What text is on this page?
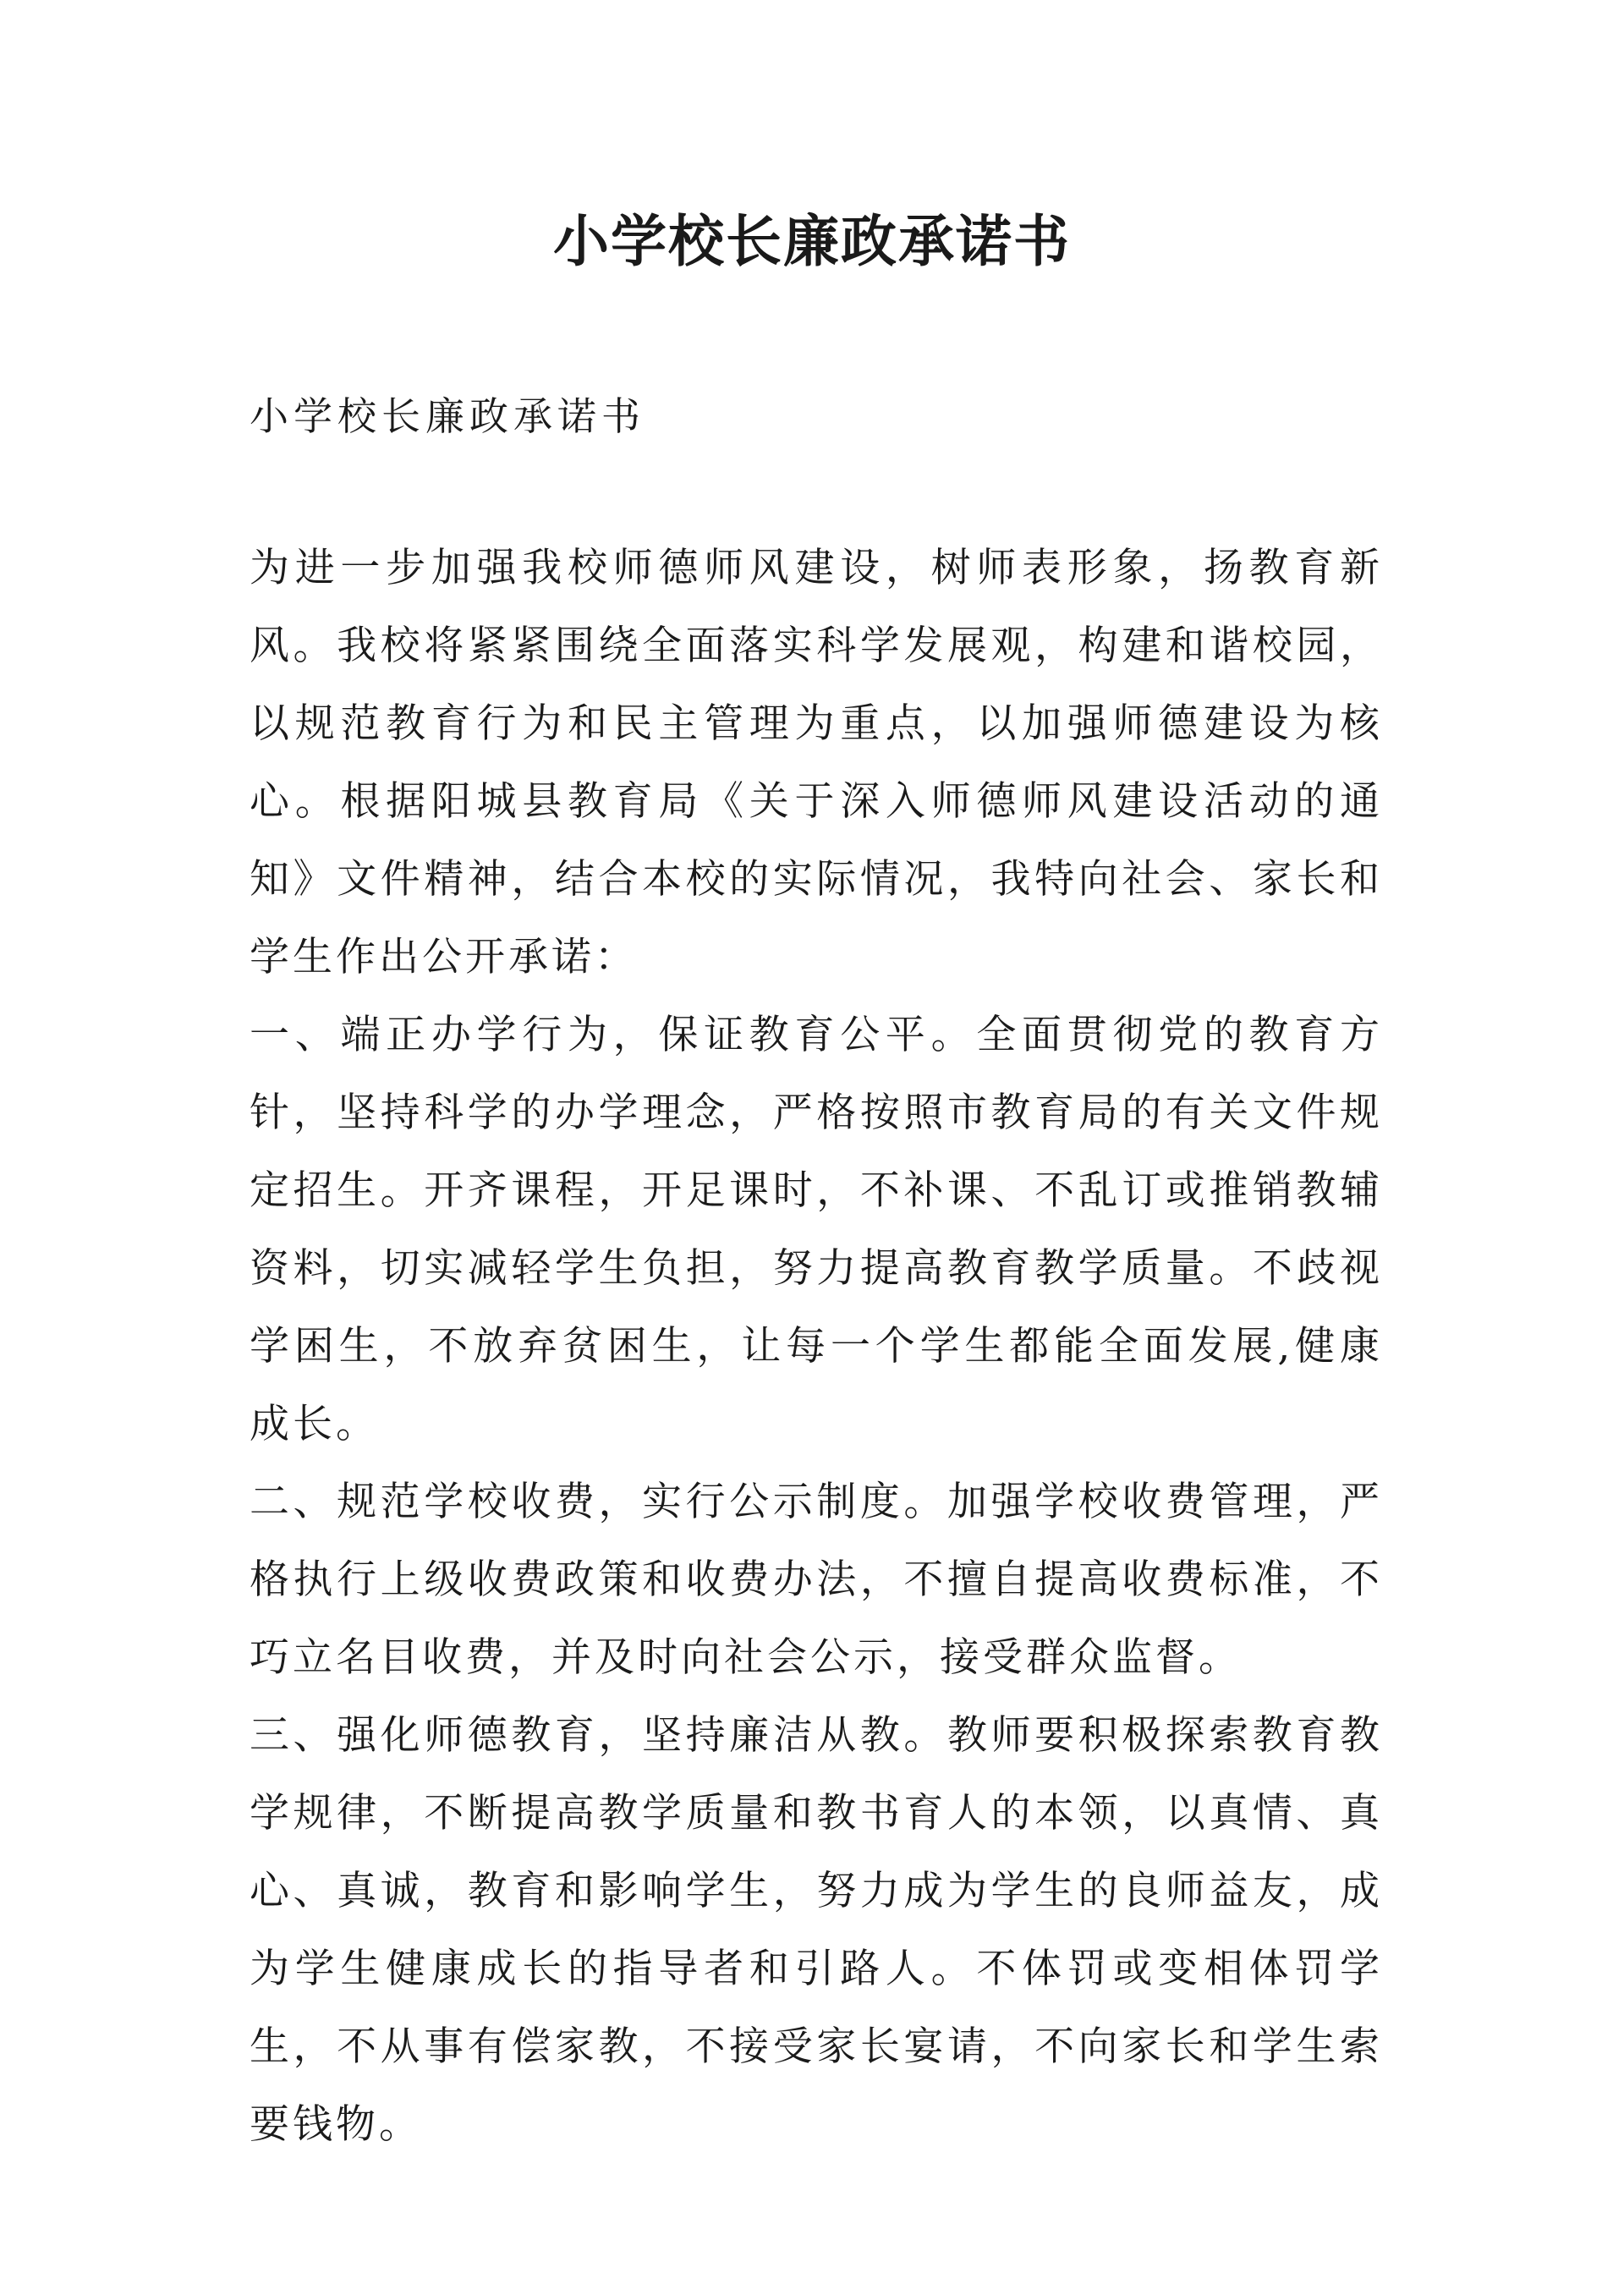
小学校长廉政承诺书
小学校长廉政承诺书

为进一步加强我校师德师风建设，树师表形象，扬教育新风。我校将紧紧围绕全面落实科学发展观，构建和谐校园，以规范教育行为和民主管理为重点，以加强师德建设为核心。根据阳城县教育局《关于深入师德师风建设活动的通知》文件精神，结合本校的实际情况，我特向社会、家长和学生作出公开承诺：

一、端正办学行为，保证教育公平。全面贯彻党的教育方针，坚持科学的办学理念，严格按照市教育局的有关文件规定招生。开齐课程，开足课时，不补课、不乱订或推销教辅资料，切实减轻学生负担，努力提高教育教学质量。不歧视学困生，不放弃贫困生，让每一个学生都能全面发展,健康成长。

二、规范学校收费，实行公示制度。加强学校收费管理，严格执行上级收费政策和收费办法，不擅自提高收费标准，不巧立名目收费，并及时向社会公示，接受群众监督。

三、强化师德教育，坚持廉洁从教。教师要积极探索教育教学规律，不断提高教学质量和教书育人的本领，以真情、真心、真诚，教育和影响学生，努力成为学生的良师益友，成为学生健康成长的指导者和引路人。不体罚或变相体罚学生，不从事有偿家教，不接受家长宴请，不向家长和学生索要钱物。
